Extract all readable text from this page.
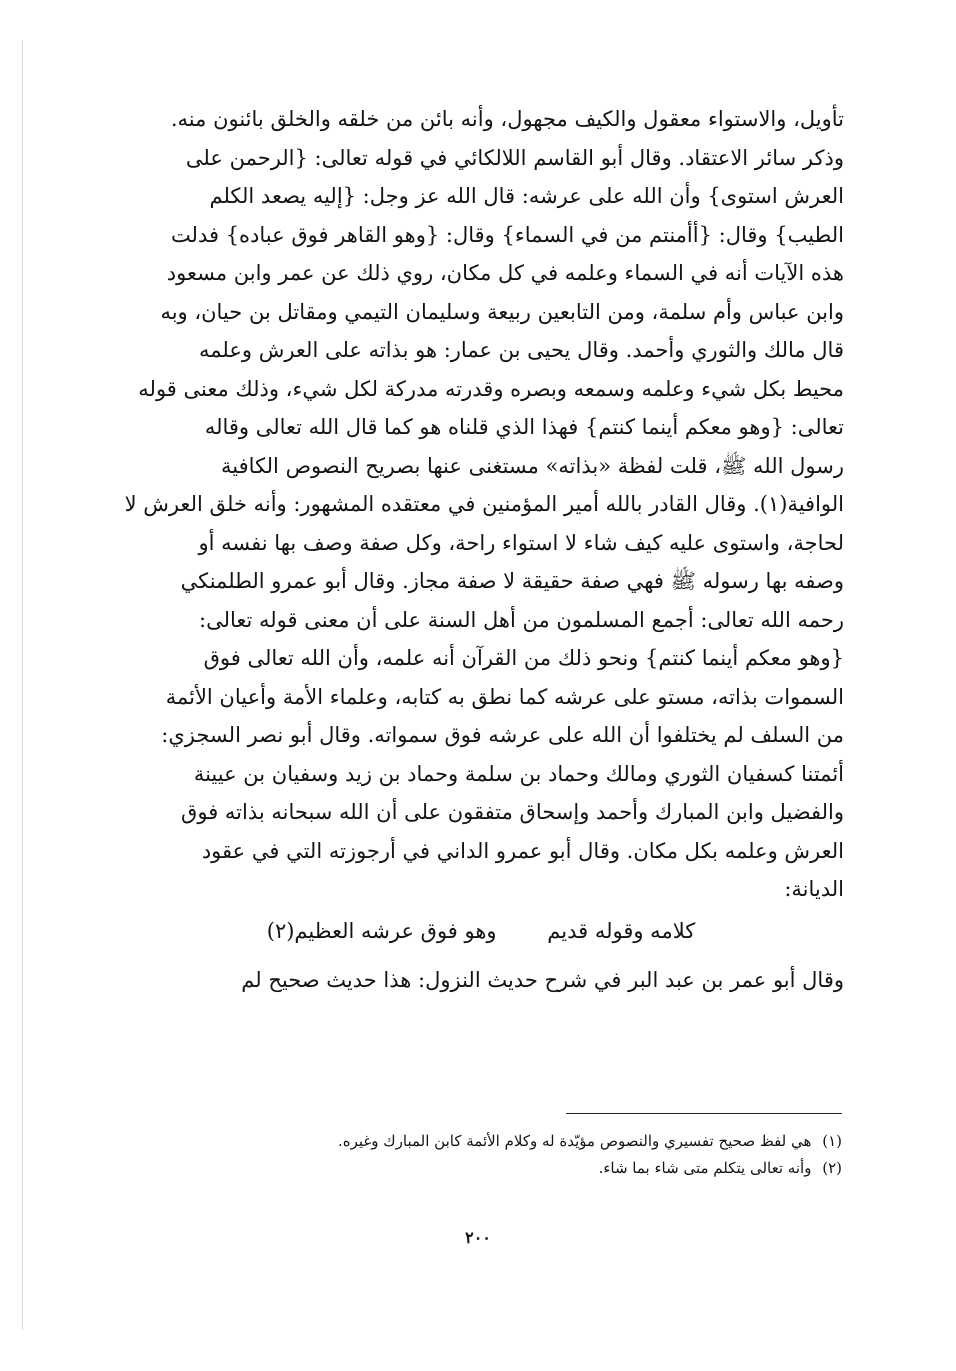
تأويل، والاستواء معقول والكيف مجهول، وأنه بائن من خلقه والخلق بائنون منه.
وذكر سائر الاعتقاد. وقال أبو القاسم اللالكائي في قوله تعالى: {الرحمن على
العرش استوى} وأن الله على عرشه: قال الله عز وجل: {إليه يصعد الكلم
الطيب} وقال: {أأمنتم من في السماء} وقال: {وهو القاهر فوق عباده} فدلت
هذه الآيات أنه في السماء وعلمه في كل مكان، روي ذلك عن عمر وابن مسعود
وابن عباس وأم سلمة، ومن التابعين ربيعة وسليمان التيمي ومقاتل بن حيان، وبه
قال مالك والثوري وأحمد. وقال يحيى بن عمار: هو بذاته على العرش وعلمه
محيط بكل شيء وعلمه وسمعه وبصره وقدرته مدركة لكل شيء، وذلك معنى قوله
تعالى: {وهو معكم أينما كنتم} فهذا الذي قلناه هو كما قال الله تعالى وقاله
رسول الله ﷺ، قلت لفظة «بذاته» مستغنى عنها بصريح النصوص الكافية
الوافية(١). وقال القادر بالله أمير المؤمنين في معتقده المشهور: وأنه خلق العرش لا
لحاجة، واستوى عليه كيف شاء لا استواء راحة، وكل صفة وصف بها نفسه أو
وصفه بها رسوله ﷺ فهي صفة حقيقة لا صفة مجاز. وقال أبو عمرو الطلمنكي
رحمه الله تعالى: أجمع المسلمون من أهل السنة على أن معنى قوله تعالى:
{وهو معكم أينما كنتم} ونحو ذلك من القرآن أنه علمه، وأن الله تعالى فوق
السموات بذاته، مستو على عرشه كما نطق به كتابه، وعلماء الأمة وأعيان الأئمة
من السلف لم يختلفوا أن الله على عرشه فوق سمواته. وقال أبو نصر السجزي:
أئمتنا كسفيان الثوري ومالك وحماد بن سلمة وحماد بن زيد وسفيان بن عيينة
والفضيل وابن المبارك وأحمد وإسحاق متفقون على أن الله سبحانه بذاته فوق
العرش وعلمه بكل مكان. وقال أبو عمرو الداني في أرجوزته التي في عقود
الديانة:
كلامه وقوله قديم وهو فوق عرشه العظيم(٢)
وقال أبو عمر بن عبد البر في شرح حديث النزول: هذا حديث صحيح لم
(١) هي لفظ صحيح تفسيري والنصوص مؤيّدة له وكلام الأئمة كابن المبارك وغيره.
(٢) وأنه تعالى يتكلم متى شاء بما شاء.
٢٠٠
